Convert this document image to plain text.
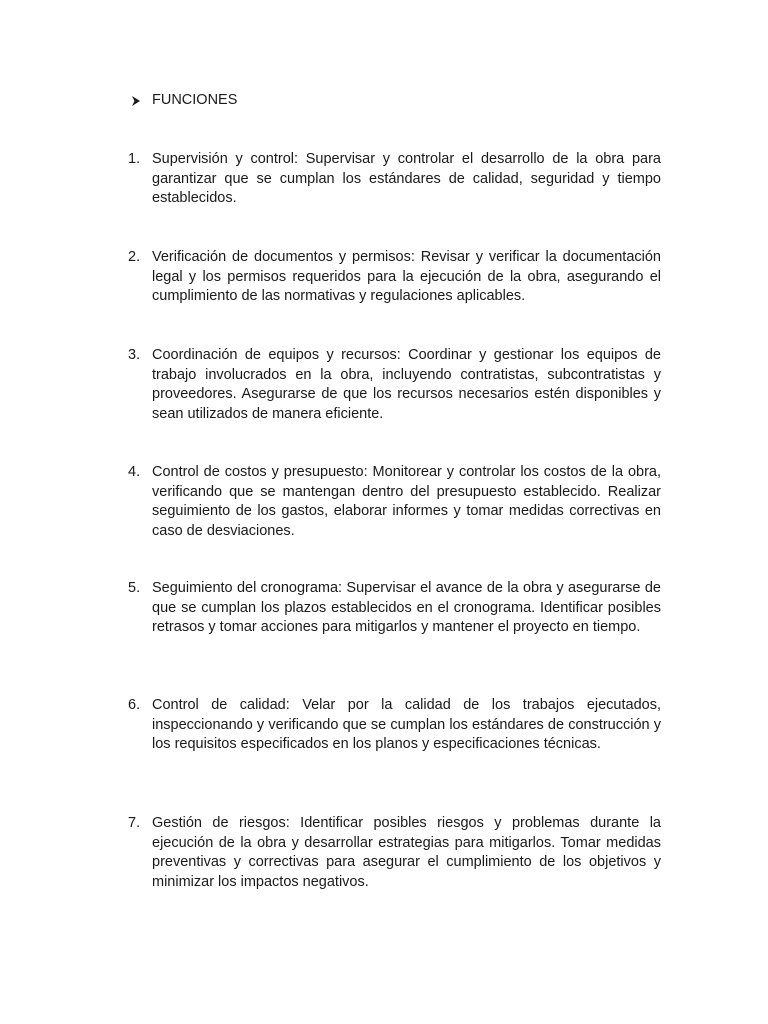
FUNCIONES
1. Supervisión y control: Supervisar y controlar el desarrollo de la obra para garantizar que se cumplan los estándares de calidad, seguridad y tiempo establecidos.
2. Verificación de documentos y permisos: Revisar y verificar la documentación legal y los permisos requeridos para la ejecución de la obra, asegurando el cumplimiento de las normativas y regulaciones aplicables.
3. Coordinación de equipos y recursos: Coordinar y gestionar los equipos de trabajo involucrados en la obra, incluyendo contratistas, subcontratistas y proveedores. Asegurarse de que los recursos necesarios estén disponibles y sean utilizados de manera eficiente.
4. Control de costos y presupuesto: Monitorear y controlar los costos de la obra, verificando que se mantengan dentro del presupuesto establecido. Realizar seguimiento de los gastos, elaborar informes y tomar medidas correctivas en caso de desviaciones.
5. Seguimiento del cronograma: Supervisar el avance de la obra y asegurarse de que se cumplan los plazos establecidos en el cronograma. Identificar posibles retrasos y tomar acciones para mitigarlos y mantener el proyecto en tiempo.
6. Control de calidad: Velar por la calidad de los trabajos ejecutados, inspeccionando y verificando que se cumplan los estándares de construcción y los requisitos especificados en los planos y especificaciones técnicas.
7. Gestión de riesgos: Identificar posibles riesgos y problemas durante la ejecución de la obra y desarrollar estrategias para mitigarlos. Tomar medidas preventivas y correctivas para asegurar el cumplimiento de los objetivos y minimizar los impactos negativos.
